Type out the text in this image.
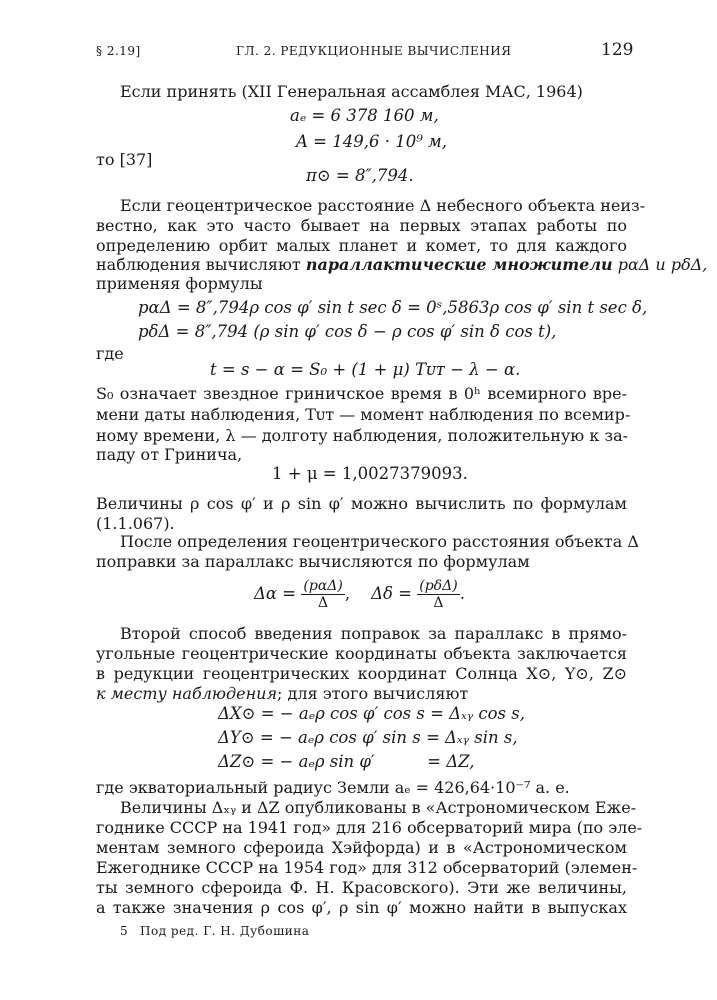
§ 2.19]	ГЛ. 2. РЕДУКЦИОННЫЕ ВЫЧИСЛЕНИЯ	129
Если принять (XII Генеральная ассамблея МАС, 1964)
aₑ = 6 378 160 м,
A = 149,6 · 10⁹ м,
то [37]
π⊙ = 8″,794.
Если геоцентрическое расстояние Δ небесного объекта неиз-
вестно, как это часто бывает на первых этапах работы по
определению орбит малых планет и комет, то для каждого
наблюдения вычисляют параллактические множители pαΔ и pδΔ,
применяя формулы
pαΔ = 8″,794ρ cos φ′ sin t sec δ = 0ˢ,5863ρ cos φ′ sin t sec δ,
pδΔ = 8″,794 (ρ sin φ′ cos δ − ρ cos φ′ sin δ cos t),
где
t = s − α = S₀ + (1 + μ) Tᴜᴛ − λ − α.
S₀ означает звездное гриничское время в 0ʰ всемирного вре-
мени даты наблюдения, Tᴜᴛ — момент наблюдения по всемир-
ному времени, λ — долготу наблюдения, положительную к за-
паду от Гринича,
1 + μ = 1,0027379093.
Величины ρ cos φ′ и ρ sin φ′ можно вычислить по формулам
(1.1.067).
После определения геоцентрического расстояния объекта Δ
поправки за параллакс вычисляются по формулам
$\Delta\alpha = \frac{\text{(pαΔ)}}{\Delta}$ ,    $\Delta\delta = \frac{\text{(pδΔ)}}{\Delta}$ .
Второй способ введения поправок за параллакс в прямо-
угольные геоцентрические координаты объекта заключается
в редукции геоцентрических координат Солнца X⊙, Y⊙, Z⊙
к месту наблюдения; для этого вычисляют
ΔX⊙ = − aₑρ cos φ′ cos s = Δₓᵧ cos s,
ΔY⊙ = − aₑρ cos φ′ sin s = Δₓᵧ sin s,
ΔZ⊙ = − aₑρ sin φ′          = ΔZ,
где экваториальный радиус Земли aₑ = 426,64·10⁻⁷ а. е.
Величины Δₓᵧ и ΔZ опубликованы в «Астрономическом Еже-
годнике СССР на 1941 год» для 216 обсерваторий мира (по эле-
ментам земного сфероида Хэйфорда) и в «Астрономическом
Ежегоднике СССР на 1954 год» для 312 обсерваторий (элемен-
ты земного сфероида Ф. Н. Красовского). Эти же величины,
а также значения ρ cos φ′, ρ sin φ′ можно найти в выпусках
5 Под ред. Г. Н. Дубошина
